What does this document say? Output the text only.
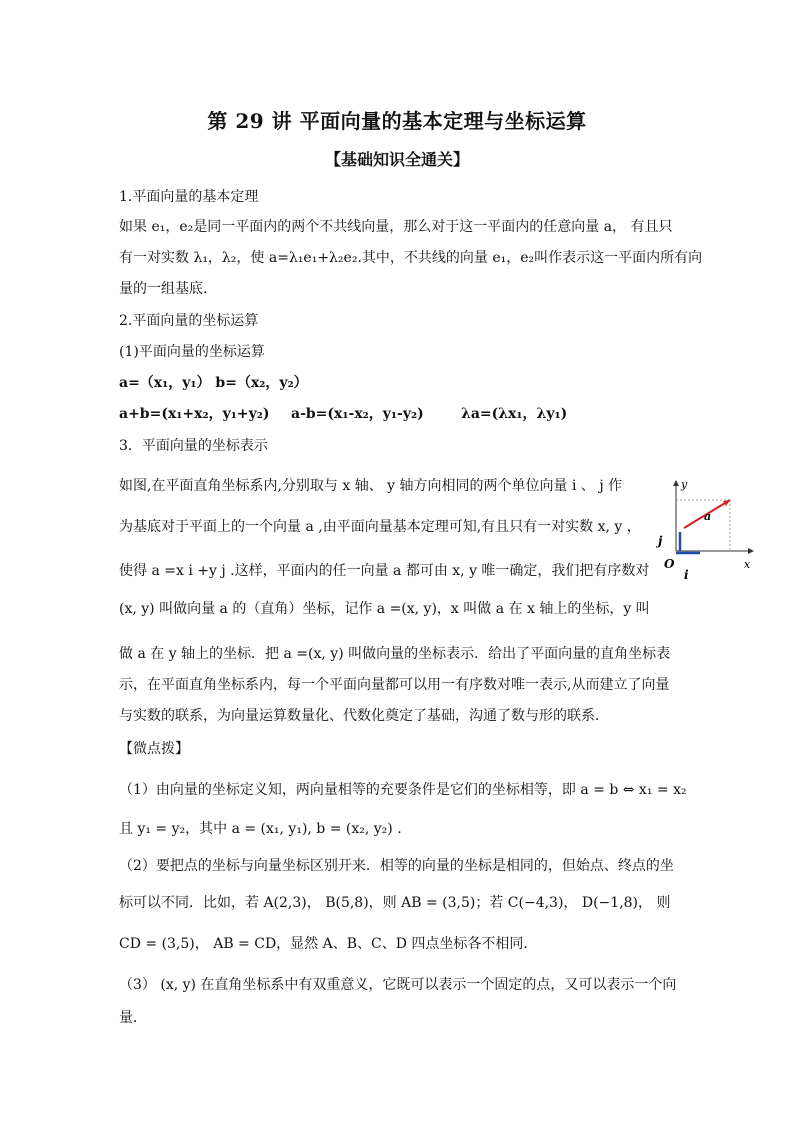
第 29 讲 平面向量的基本定理与坐标运算
【基础知识全通关】
1.平面向量的基本定理
如果 e₁，e₂是同一平面内的两个不共线向量，那么对于这一平面内的任意向量 a， 有且只
有一对实数 λ₁，λ₂，使 a=λ₁e₁+λ₂e₂.其中，不共线的向量 e₁，e₂叫作表示这一平面内所有向
量的一组基底.
2.平面向量的坐标运算
(1)平面向量的坐标运算
a=（x₁，y₁） b=（x₂，y₂）
a+b=(x₁+x₂，y₁+y₂) a-b=(x₁-x₂，y₁-y₂)	λa=(λx₁，λy₁)
3．平面向量的坐标表示
如图,在平面直角坐标系内,分别取与 x 轴、 y 轴方向相同的两个单位向量 i 、 j 作
为基底对于平面上的一个向量 a ,由平面向量基本定理可知,有且只有一对实数 x, y ，
使得 a =x i +y j .这样，平面内的任一向量 a 都可由 x, y 唯一确定，我们把有序数对
(x, y) 叫做向量 a 的（直角）坐标，记作 a =(x, y)，x 叫做 a 在 x 轴上的坐标，y 叫
做 a 在 y 轴上的坐标．把 a =(x, y) 叫做向量的坐标表示．给出了平面向量的直角坐标表
示，在平面直角坐标系内，每一个平面向量都可以用一有序数对唯一表示,从而建立了向量
与实数的联系，为向量运算数量化、代数化奠定了基础，沟通了数与形的联系．
y
x
O
j
i
a
【微点拨】
（1）由向量的坐标定义知，两向量相等的充要条件是它们的坐标相等，即 a = b ⇔ x₁ = x₂
且 y₁ = y₂，其中 a = (x₁, y₁), b = (x₂, y₂) .
（2）要把点的坐标与向量坐标区别开来．相等的向量的坐标是相同的，但始点、终点的坐
标可以不同．比如，若 A(2,3)， B(5,8)，则 AB = (3,5)；若 C(−4,3)， D(−1,8)， 则
CD = (3,5)， AB = CD，显然 A、B、C、D 四点坐标各不相同．
（3） (x, y) 在直角坐标系中有双重意义，它既可以表示一个固定的点，又可以表示一个向
量．
